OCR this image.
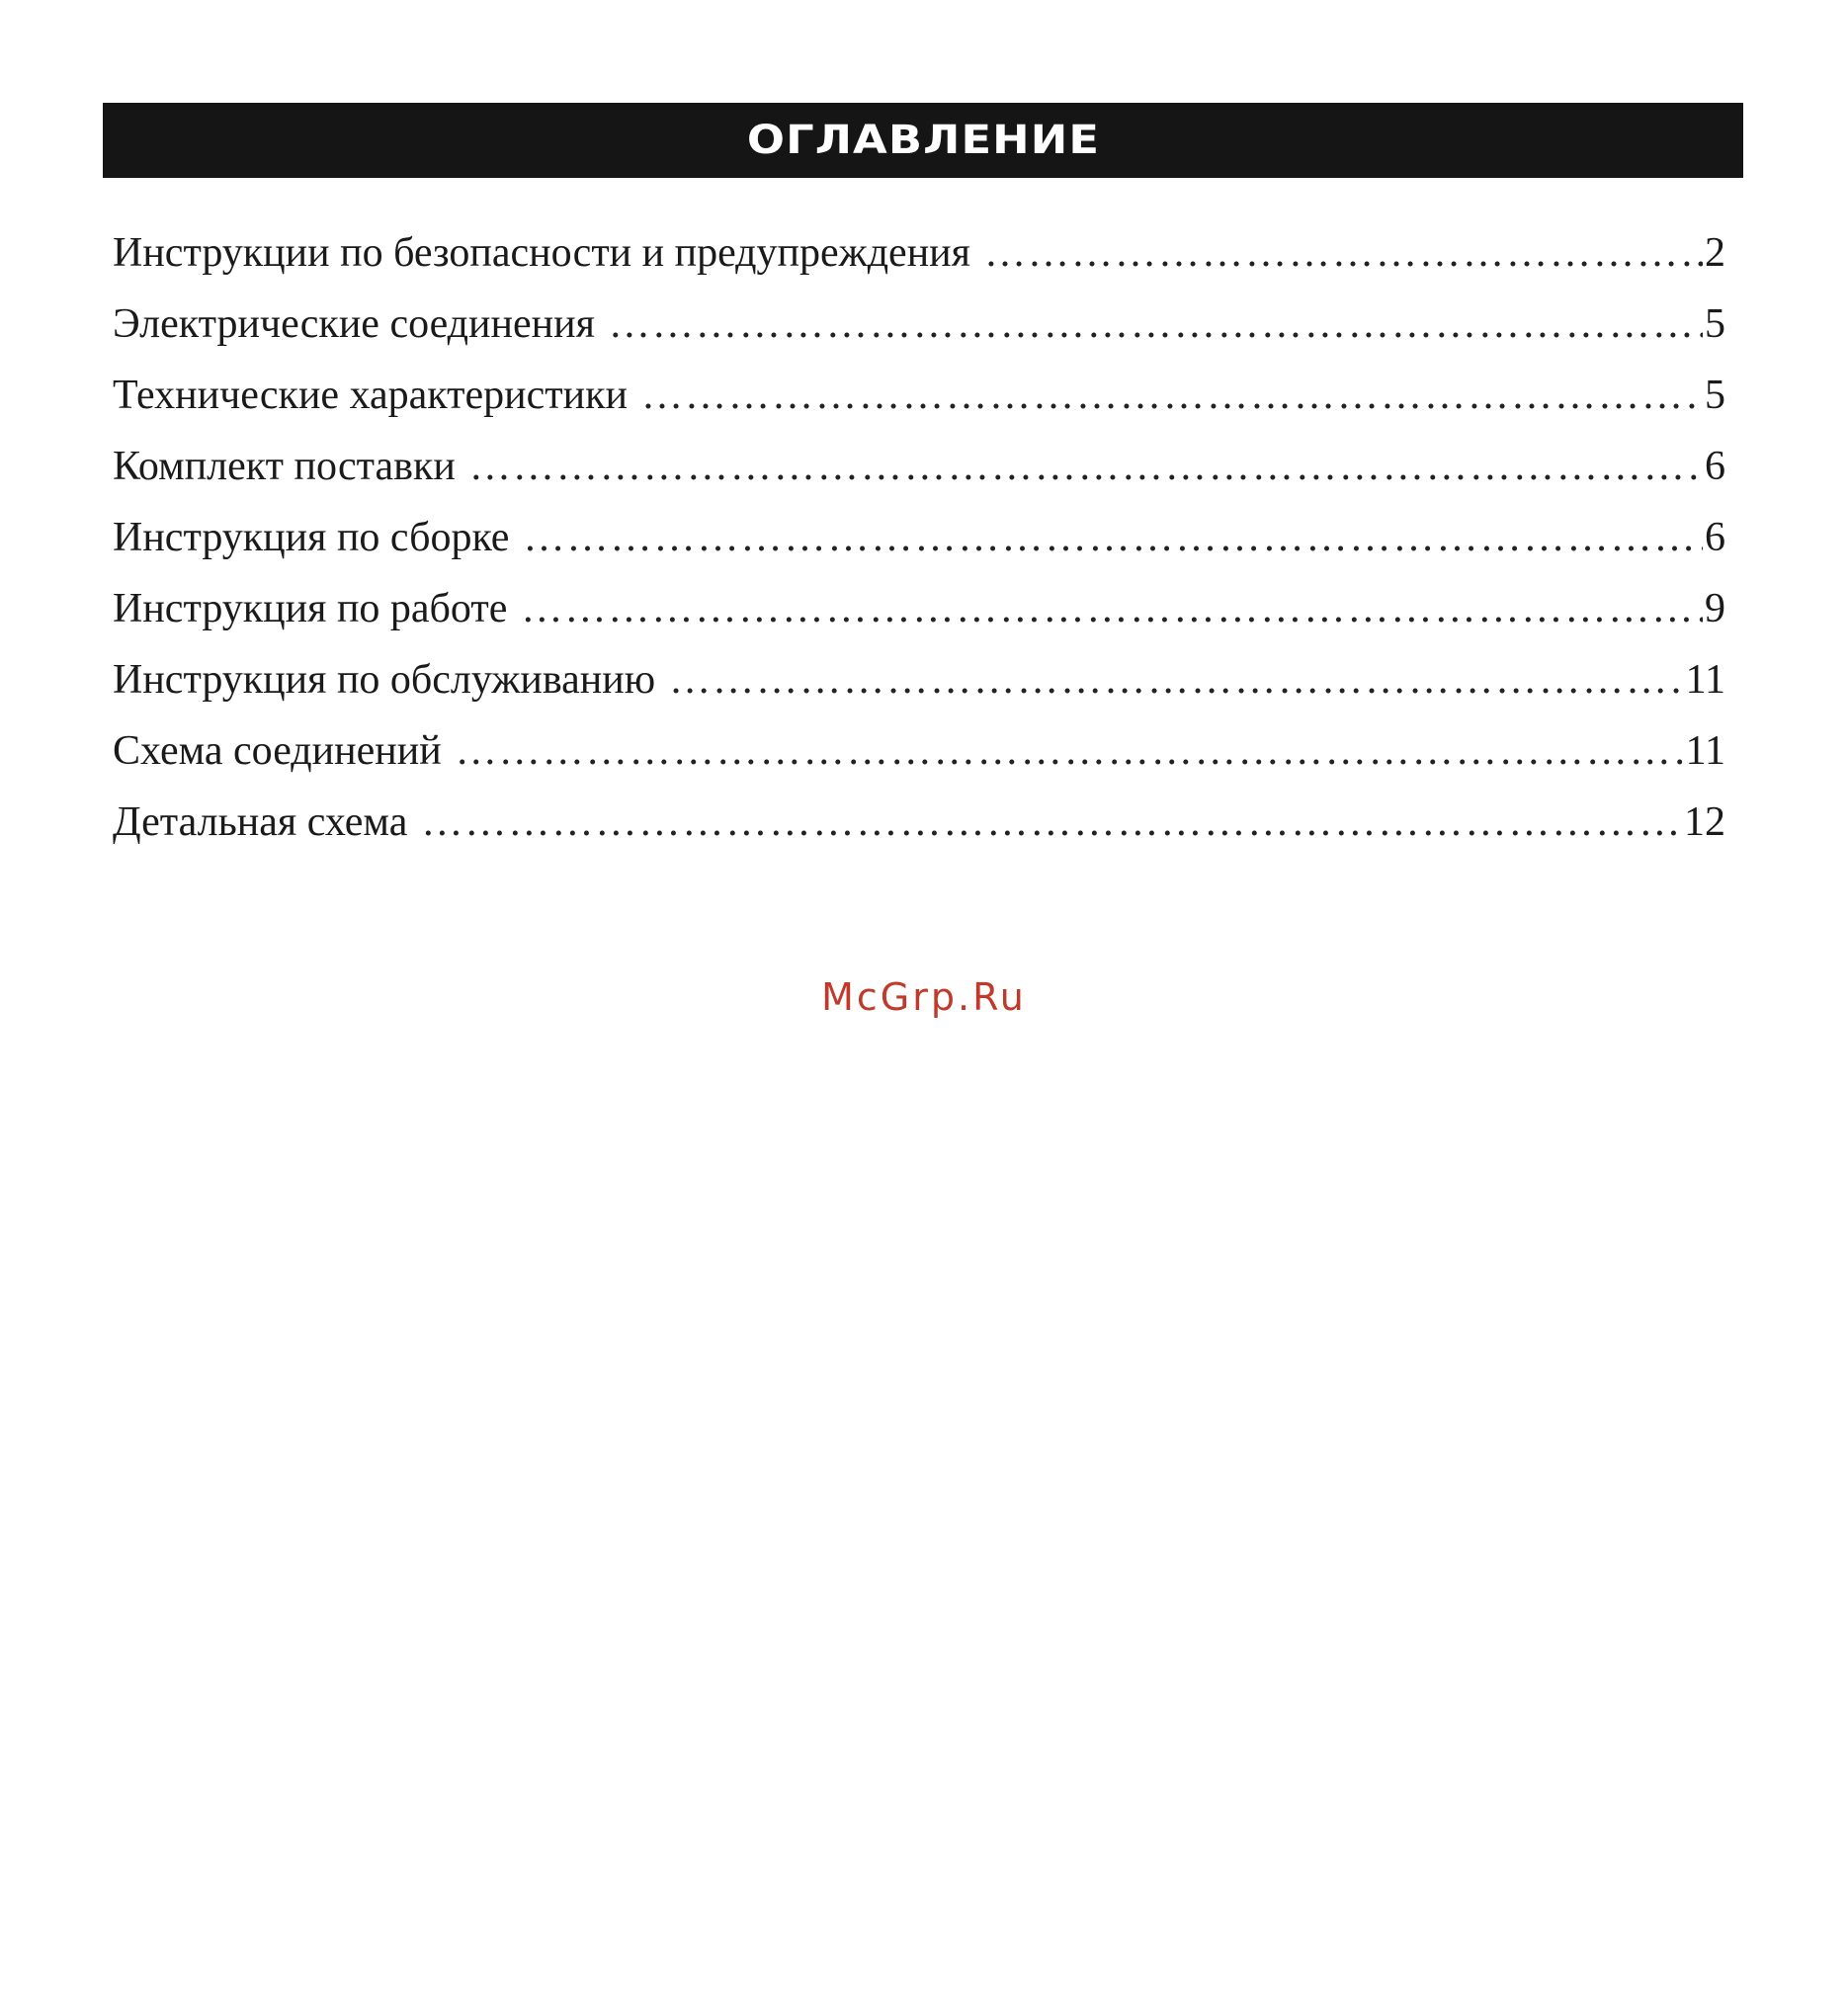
ОГЛАВЛЕНИЕ
Инструкции по безопасности и предупреждения ……………………………………………………………………………………………………………………………………………………	2
Электрические соединения ……………………………………………………………………………………………………………………………………………………	5
Технические характеристики ……………………………………………………………………………………………………………………………………………………	5
Комплект поставки ……………………………………………………………………………………………………………………………………………………	6
Инструкция по сборке ……………………………………………………………………………………………………………………………………………………	6
Инструкция по работе ……………………………………………………………………………………………………………………………………………………	9
Инструкция по обслуживанию ……………………………………………………………………………………………………………………………………………………	11
Схема соединений ……………………………………………………………………………………………………………………………………………………	11
Детальная схема ……………………………………………………………………………………………………………………………………………………	12
McGrp.Ru
